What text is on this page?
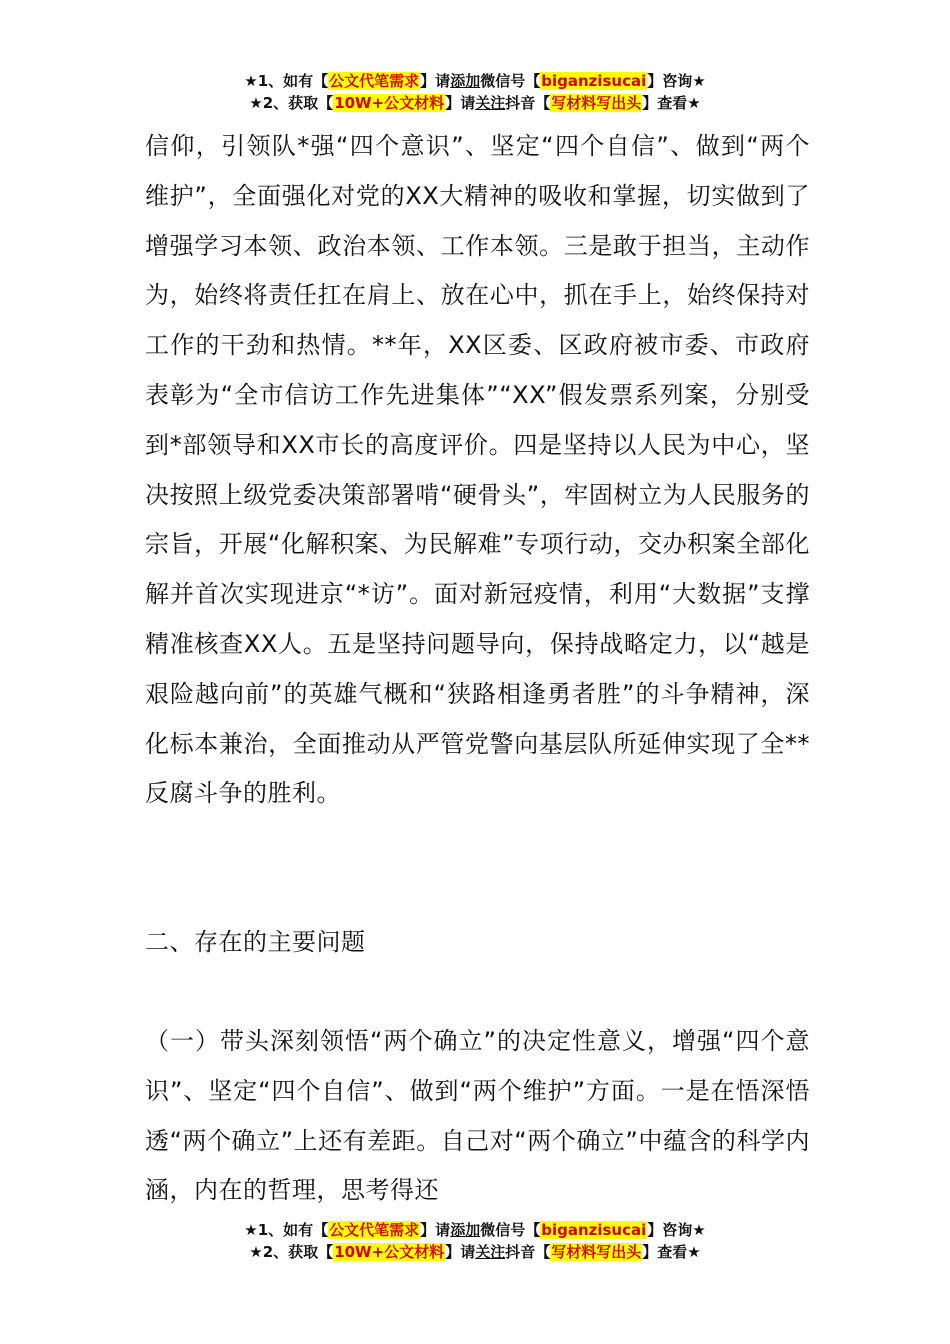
★1、如有【公文代笔需求】请添加微信号【biganzisucai】咨询★
★2、获取【10W+公文材料】请关注抖音【写材料写出头】查看★

信仰，引领队*强“四个意识”、坚定“四个自信”、做到“两个维护”，全面强化对党的XX大精神的吸收和掌握，切实做到了增强学习本领、政治本领、工作本领。三是敢于担当，主动作为，始终将责任扛在肩上、放在心中，抓在手上，始终保持对工作的干劲和热情。**年，XX区委、区政府被市委、市政府表彰为“全市信访工作先进集体”“XX”假发票系列案，分别受到*部领导和XX市长的高度评价。四是坚持以人民为中心，坚决按照上级党委决策部署啃“硬骨头”，牢固树立为人民服务的宗旨，开展“化解积案、为民解难”专项行动，交办积案全部化解并首次实现进京“*访”。面对新冠疫情，利用“大数据”支撑精准核查XX人。五是坚持问题导向，保持战略定力，以“越是艰险越向前”的英雄气概和“狭路相逢勇者胜”的斗争精神，深化标本兼治，全面推动从严管党警向基层队所延伸实现了全**反腐斗争的胜利。

二、存在的主要问题

（一）带头深刻领悟“两个确立”的决定性意义，增强“四个意识”、坚定“四个自信”、做到“两个维护”方面。一是在悟深悟透“两个确立”上还有差距。自己对“两个确立”中蕴含的科学内涵，内在的哲理，思考得还

★1、如有【公文代笔需求】请添加微信号【biganzisucai】咨询★
★2、获取【10W+公文材料】请关注抖音【写材料写出头】查看★
